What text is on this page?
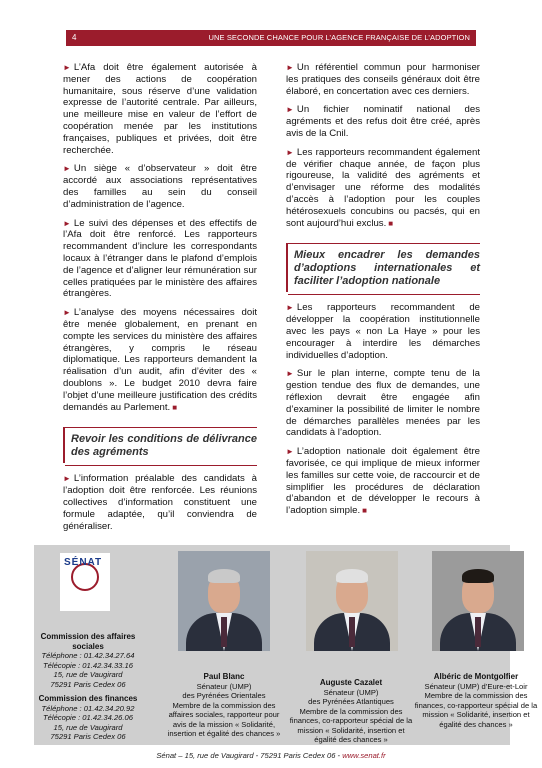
4	UNE SECONDE CHANCE POUR L’AGENCE FRANÇAISE DE L’ADOPTION

► L’Afa doit être également autorisée à mener des actions de coopération humanitaire, sous réserve d’une validation expresse de l’autorité centrale. Par ailleurs, une meilleure mise en valeur de l’effort de coopération menée par les institutions françaises, publiques et privées, doit être recherchée.

► Un siège « d’observateur » doit être accordé aux associations représentatives des familles au sein du conseil d’administration de l’agence.

► Le suivi des dépenses et des effectifs de l’Afa doit être renforcé. Les rapporteurs recommandent d’inclure les correspondants locaux à l’étranger dans le plafond d’emplois de l’agence et d’aligner leur rémunération sur celles pratiquées par le ministère des affaires étrangères.

► L’analyse des moyens nécessaires doit être menée globalement, en prenant en compte les services du ministère des affaires étrangères, y compris le réseau diplomatique. Les rapporteurs demandent la réalisation d’un audit, afin d’éviter des « doublons ». Le budget 2010 devra faire l’objet d’une meilleure justification des crédits demandés au Parlement. ■

Revoir les conditions de délivrance des agréments

► L’information préalable des candidats à l’adoption doit être renforcée. Les réunions collectives d’information constituent une formule adaptée, qu’il conviendra de généraliser.

► Un référentiel commun pour harmoniser les pratiques des conseils généraux doit être élaboré, en concertation avec ces derniers.

► Un fichier nominatif national des agréments et des refus doit être créé, après avis de la Cnil.

► Les rapporteurs recommandent également de vérifier chaque année, de façon plus rigoureuse, la validité des agréments et d’envisager une réforme des modalités d’accès à l’adoption pour les couples hétérosexuels concubins ou pacsés, qui en sont aujourd’hui exclus. ■

Mieux encadrer les demandes d’adoptions internationales et faciliter l’adoption nationale

► Les rapporteurs recommandent de développer la coopération institutionnelle avec les pays « non La Haye » pour les encourager à interdire les démarches individuelles d’adoption.

► Sur le plan interne, compte tenu de la gestion tendue des flux de demandes, une réflexion devrait être engagée afin d’examiner la possibilité de limiter le nombre de démarches parallèles menées par les candidats à l’adoption.

► L’adoption nationale doit également être favorisée, ce qui implique de mieux informer les familles sur cette voie, de raccourcir et de simplifier les procédures de déclaration d’abandon et de développer le recours à l’adoption simple. ■

SÉNAT
Commission des affaires sociales
Téléphone : 01.42.34.27.64
Télécopie : 01.42.34.33.16
15, rue de Vaugirard
75291 Paris Cedex 06
Commission des finances
Téléphone : 01.42.34.20.92
Télécopie : 01.42.34.26.06
15, rue de Vaugirard
75291 Paris Cedex 06
Paul Blanc
Sénateur (UMP)
des Pyrénées Orientales
Membre de la commission des affaires sociales, rapporteur pour avis de la mission « Solidarité, insertion et égalité des chances »
Auguste Cazalet
Sénateur (UMP)
des Pyrénées Atlantiques
Membre de la commission des finances, co-rapporteur spécial de la mission « Solidarité, insertion et égalité des chances »
Albéric de Montgolfier
Sénateur (UMP) d’Eure-et-Loir
Membre de la commission des finances, co-rapporteur spécial de la mission « Solidarité, insertion et égalité des chances »
Sénat – 15, rue de Vaugirard - 75291 Paris Cedex 06 - www.senat.fr
